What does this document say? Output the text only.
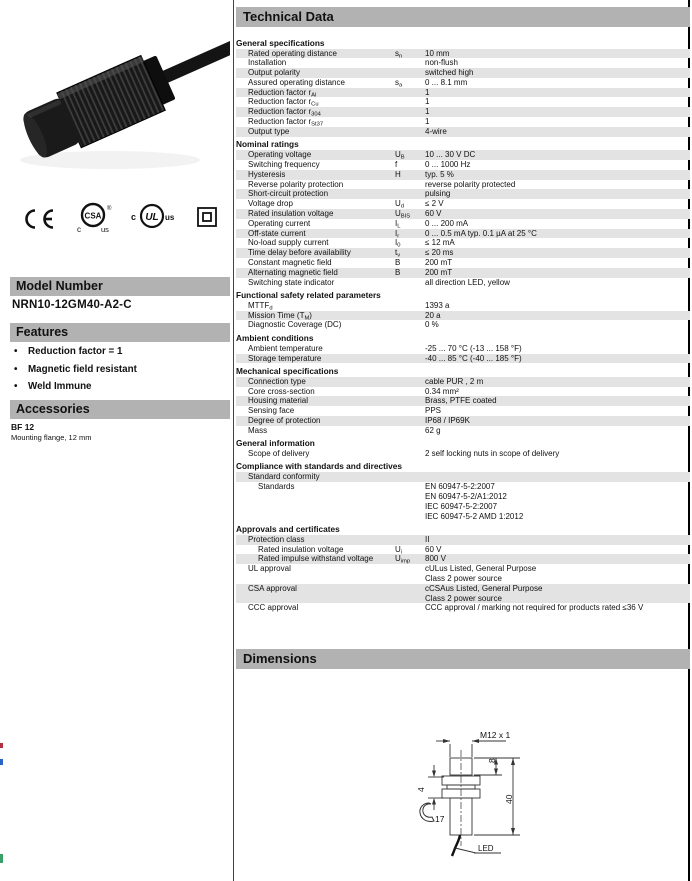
CSA
®
c	us
c UL us
Model Number
NRN10-12GM40-A2-C
Features
• Reduction factor = 1
• Magnetic field resistant
• Weld Immune
Accessories
BF 12
Mounting flange, 12 mm
Technical Data
General specifications
Rated operating distance	$s_n$	10 mm
Installation	non-flush
Output polarity	switched high
Assured operating distance	$s_a$	0 ... 8.1 mm
Reduction factor $r_{Al}$	1
Reduction factor $r_{Cu}$	1
Reduction factor $r_{304}$	1
Reduction factor $r_{St37}$	1
Output type	4-wire
Nominal ratings
Operating voltage	$U_B$	10 ... 30 V DC
Switching frequency	f	0 ... 1000 Hz
Hysteresis	H	typ. 5 %
Reverse polarity protection	reverse polarity protected
Short-circuit protection	pulsing
Voltage drop	$U_d$	≤ 2 V
Rated insulation voltage	$U_{BIS}$	60 V
Operating current	$I_L$	0 ... 200 mA
Off-state current	$I_r$	0 ... 0.5 mA typ. 0.1 µA at 25 °C
No-load supply current	$I_0$	≤ 12 mA
Time delay before availability	$t_v$	≤ 20 ms
Constant magnetic field	B	200 mT
Alternating magnetic field	B	200 mT
Switching state indicator	all direction LED, yellow
Functional safety related parameters
$MTTF_d$	1393 a
Mission Time $(T_M)$	20 a
Diagnostic Coverage (DC)	0 %
Ambient conditions
Ambient temperature	-25 ... 70 °C (-13 ... 158 °F)
Storage temperature	-40 ... 85 °C (-40 ... 185 °F)
Mechanical specifications
Connection type	cable PUR , 2 m
Core cross-section	0.34 mm²
Housing material	Brass, PTFE coated
Sensing face	PPS
Degree of protection	IP68 / IP69K
Mass	62 g
General information
Scope of delivery	2 self locking nuts in scope of delivery
Compliance with standards and directives
Standard conformity
Standards	EN 60947-5-2:2007
EN 60947-5-2/A1:2012
IEC 60947-5-2:2007
IEC 60947-5-2 AMD 1:2012
Approvals and certificates
Protection class	II
Rated insulation voltage	$U_i$	60 V
Rated impulse withstand voltage	$U_{imp}$	800 V
UL approval	cULus Listed, General Purpose
Class 2 power source
CSA approval	cCSAus Listed, General Purpose
Class 2 power source
CCC approval	CCC approval / marking not required for products rated ≤36 V
Dimensions
M12 x 1
8
40
4
17
LED
